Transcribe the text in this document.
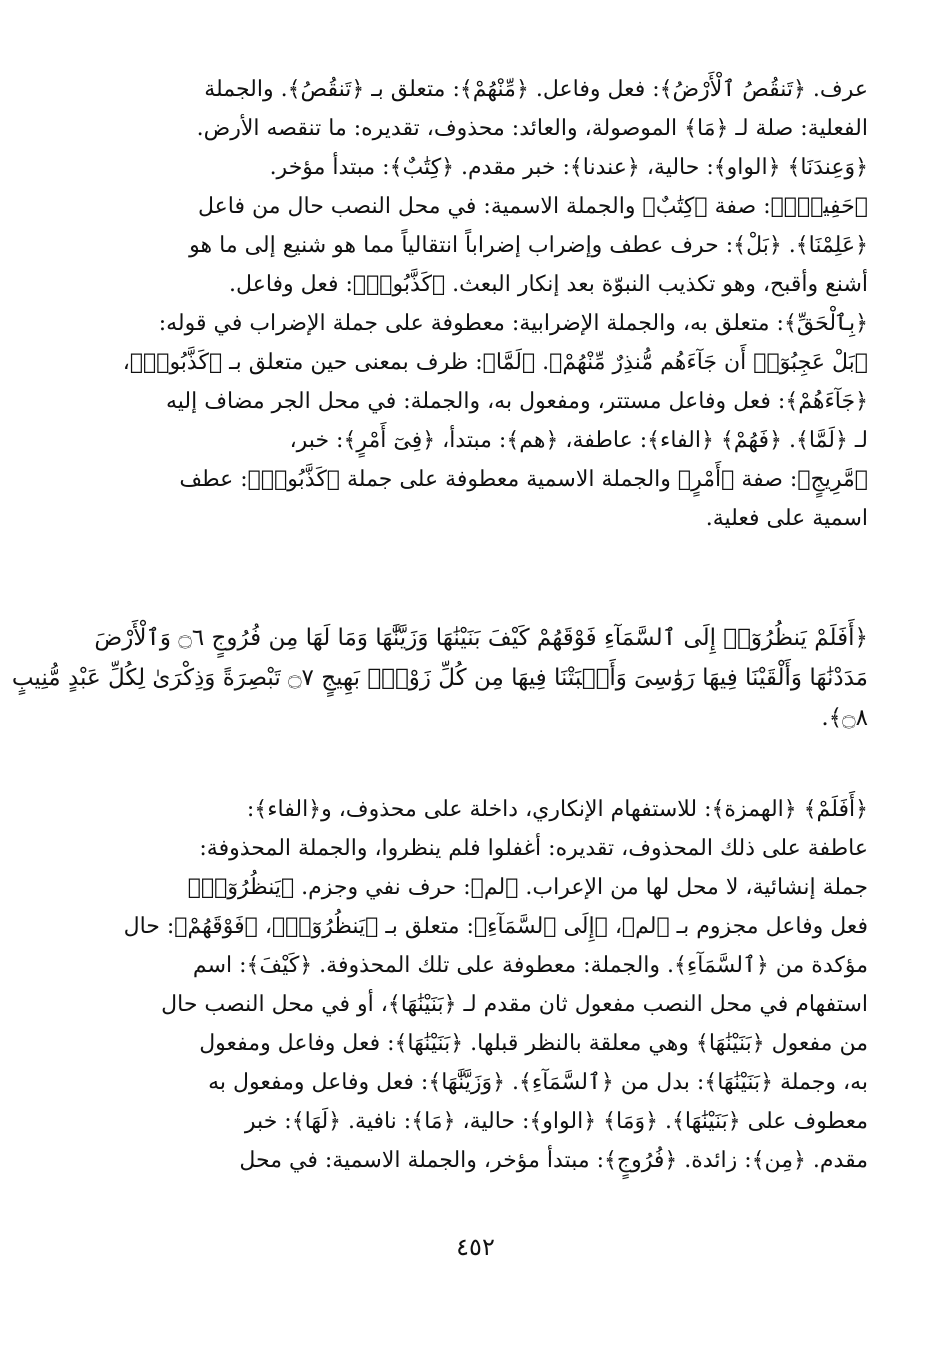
عرف. ﴿تَنقُصُ ٱلْأَرْضُ﴾: فعل وفاعل. ﴿مِّنْهُمْ﴾: متعلق بـ ﴿تَنقُصُ﴾. والجملة
الفعلية: صلة لـ ﴿مَا﴾ الموصولة، والعائد: محذوف، تقديره: ما تنقصه الأرض.
﴿وَعِندَنَا﴾ ﴿الواو﴾: حالية، ﴿عندنا﴾: خبر مقدم. ﴿كِتَٰبٌ﴾: مبتدأ مؤخر.
﴿حَفِيظٌۢ﴾: صفة ﴿كِتَٰبٌ﴾ والجملة الاسمية: في محل النصب حال من فاعل
﴿عَلِمْنَا﴾. ﴿بَلْ﴾: حرف عطف وإضراب إضراباً انتقالياً مما هو شنيع إلى ما هو
أشنع وأقبح، وهو تكذيب النبوّة بعد إنكار البعث. ﴿كَذَّبُوا۟﴾: فعل وفاعل.
﴿بِٱلْحَقِّ﴾: متعلق به، والجملة الإضرابية: معطوفة على جملة الإضراب في قوله:
﴿بَلْ عَجِبُوٓا۟ أَن جَآءَهُم مُّنذِرٌ مِّنْهُمْ﴾. ﴿لَمَّا﴾: ظرف بمعنى حين متعلق بـ ﴿كَذَّبُوا۟﴾،
﴿جَآءَهُمْ﴾: فعل وفاعل مستتر، ومفعول به، والجملة: في محل الجر مضاف إليه
لـ ﴿لَمَّا﴾. ﴿فَهُمْ﴾ ﴿الفاء﴾: عاطفة، ﴿هم﴾: مبتدأ، ﴿فِىٓ أَمْرٍ﴾: خبر،
﴿مَّرِيجٍ﴾: صفة ﴿أَمْرٍ﴾ والجملة الاسمية معطوفة على جملة ﴿كَذَّبُوا۟﴾: عطف
اسمية على فعلية.
﴿أَفَلَمْ يَنظُرُوٓا۟ إِلَى ٱلسَّمَآءِ فَوْقَهُمْ كَيْفَ بَنَيْنَٰهَا وَزَيَّنَّٰهَا وَمَا لَهَا مِن فُرُوجٍ ۝٦ وَٱلْأَرْضَ
مَدَدْنَٰهَا وَأَلْقَيْنَا فِيهَا رَوَٰسِىَ وَأَنۢبَتْنَا فِيهَا مِن كُلِّ زَوْجٍۭ بَهِيجٍ ۝٧ تَبْصِرَةً وَذِكْرَىٰ لِكُلِّ عَبْدٍ مُّنِيبٍ
۝٨﴾.
﴿أَفَلَمْ﴾ ﴿الهمزة﴾: للاستفهام الإنكاري، داخلة على محذوف، و﴿الفاء﴾:
عاطفة على ذلك المحذوف، تقديره: أغفلوا فلم ينظروا، والجملة المحذوفة:
جملة إنشائية، لا محل لها من الإعراب. ﴿لم﴾: حرف نفي وجزم. ﴿يَنظُرُوٓا۟﴾
فعل وفاعل مجزوم بـ ﴿لم﴾، ﴿إِلَى ٱلسَّمَآءِ﴾: متعلق بـ ﴿يَنظُرُوٓا۟﴾، ﴿فَوْقَهُمْ﴾: حال
مؤكدة من ﴿ٱلسَّمَآءِ﴾. والجملة: معطوفة على تلك المحذوفة. ﴿كَيْفَ﴾: اسم
استفهام في محل النصب مفعول ثان مقدم لـ ﴿بَنَيْنَٰهَا﴾، أو في محل النصب حال
من مفعول ﴿بَنَيْنَٰهَا﴾ وهي معلقة بالنظر قبلها. ﴿بَنَيْنَٰهَا﴾: فعل وفاعل ومفعول
به، وجملة ﴿بَنَيْنَٰهَا﴾: بدل من ﴿ٱلسَّمَآءِ﴾. ﴿وَزَيَّنَّٰهَا﴾: فعل وفاعل ومفعول به
معطوف على ﴿بَنَيْنَٰهَا﴾. ﴿وَمَا﴾ ﴿الواو﴾: حالية، ﴿مَا﴾: نافية. ﴿لَهَا﴾: خبر
مقدم. ﴿مِن﴾: زائدة. ﴿فُرُوجٍ﴾: مبتدأ مؤخر، والجملة الاسمية: في محل
٤٥٢
